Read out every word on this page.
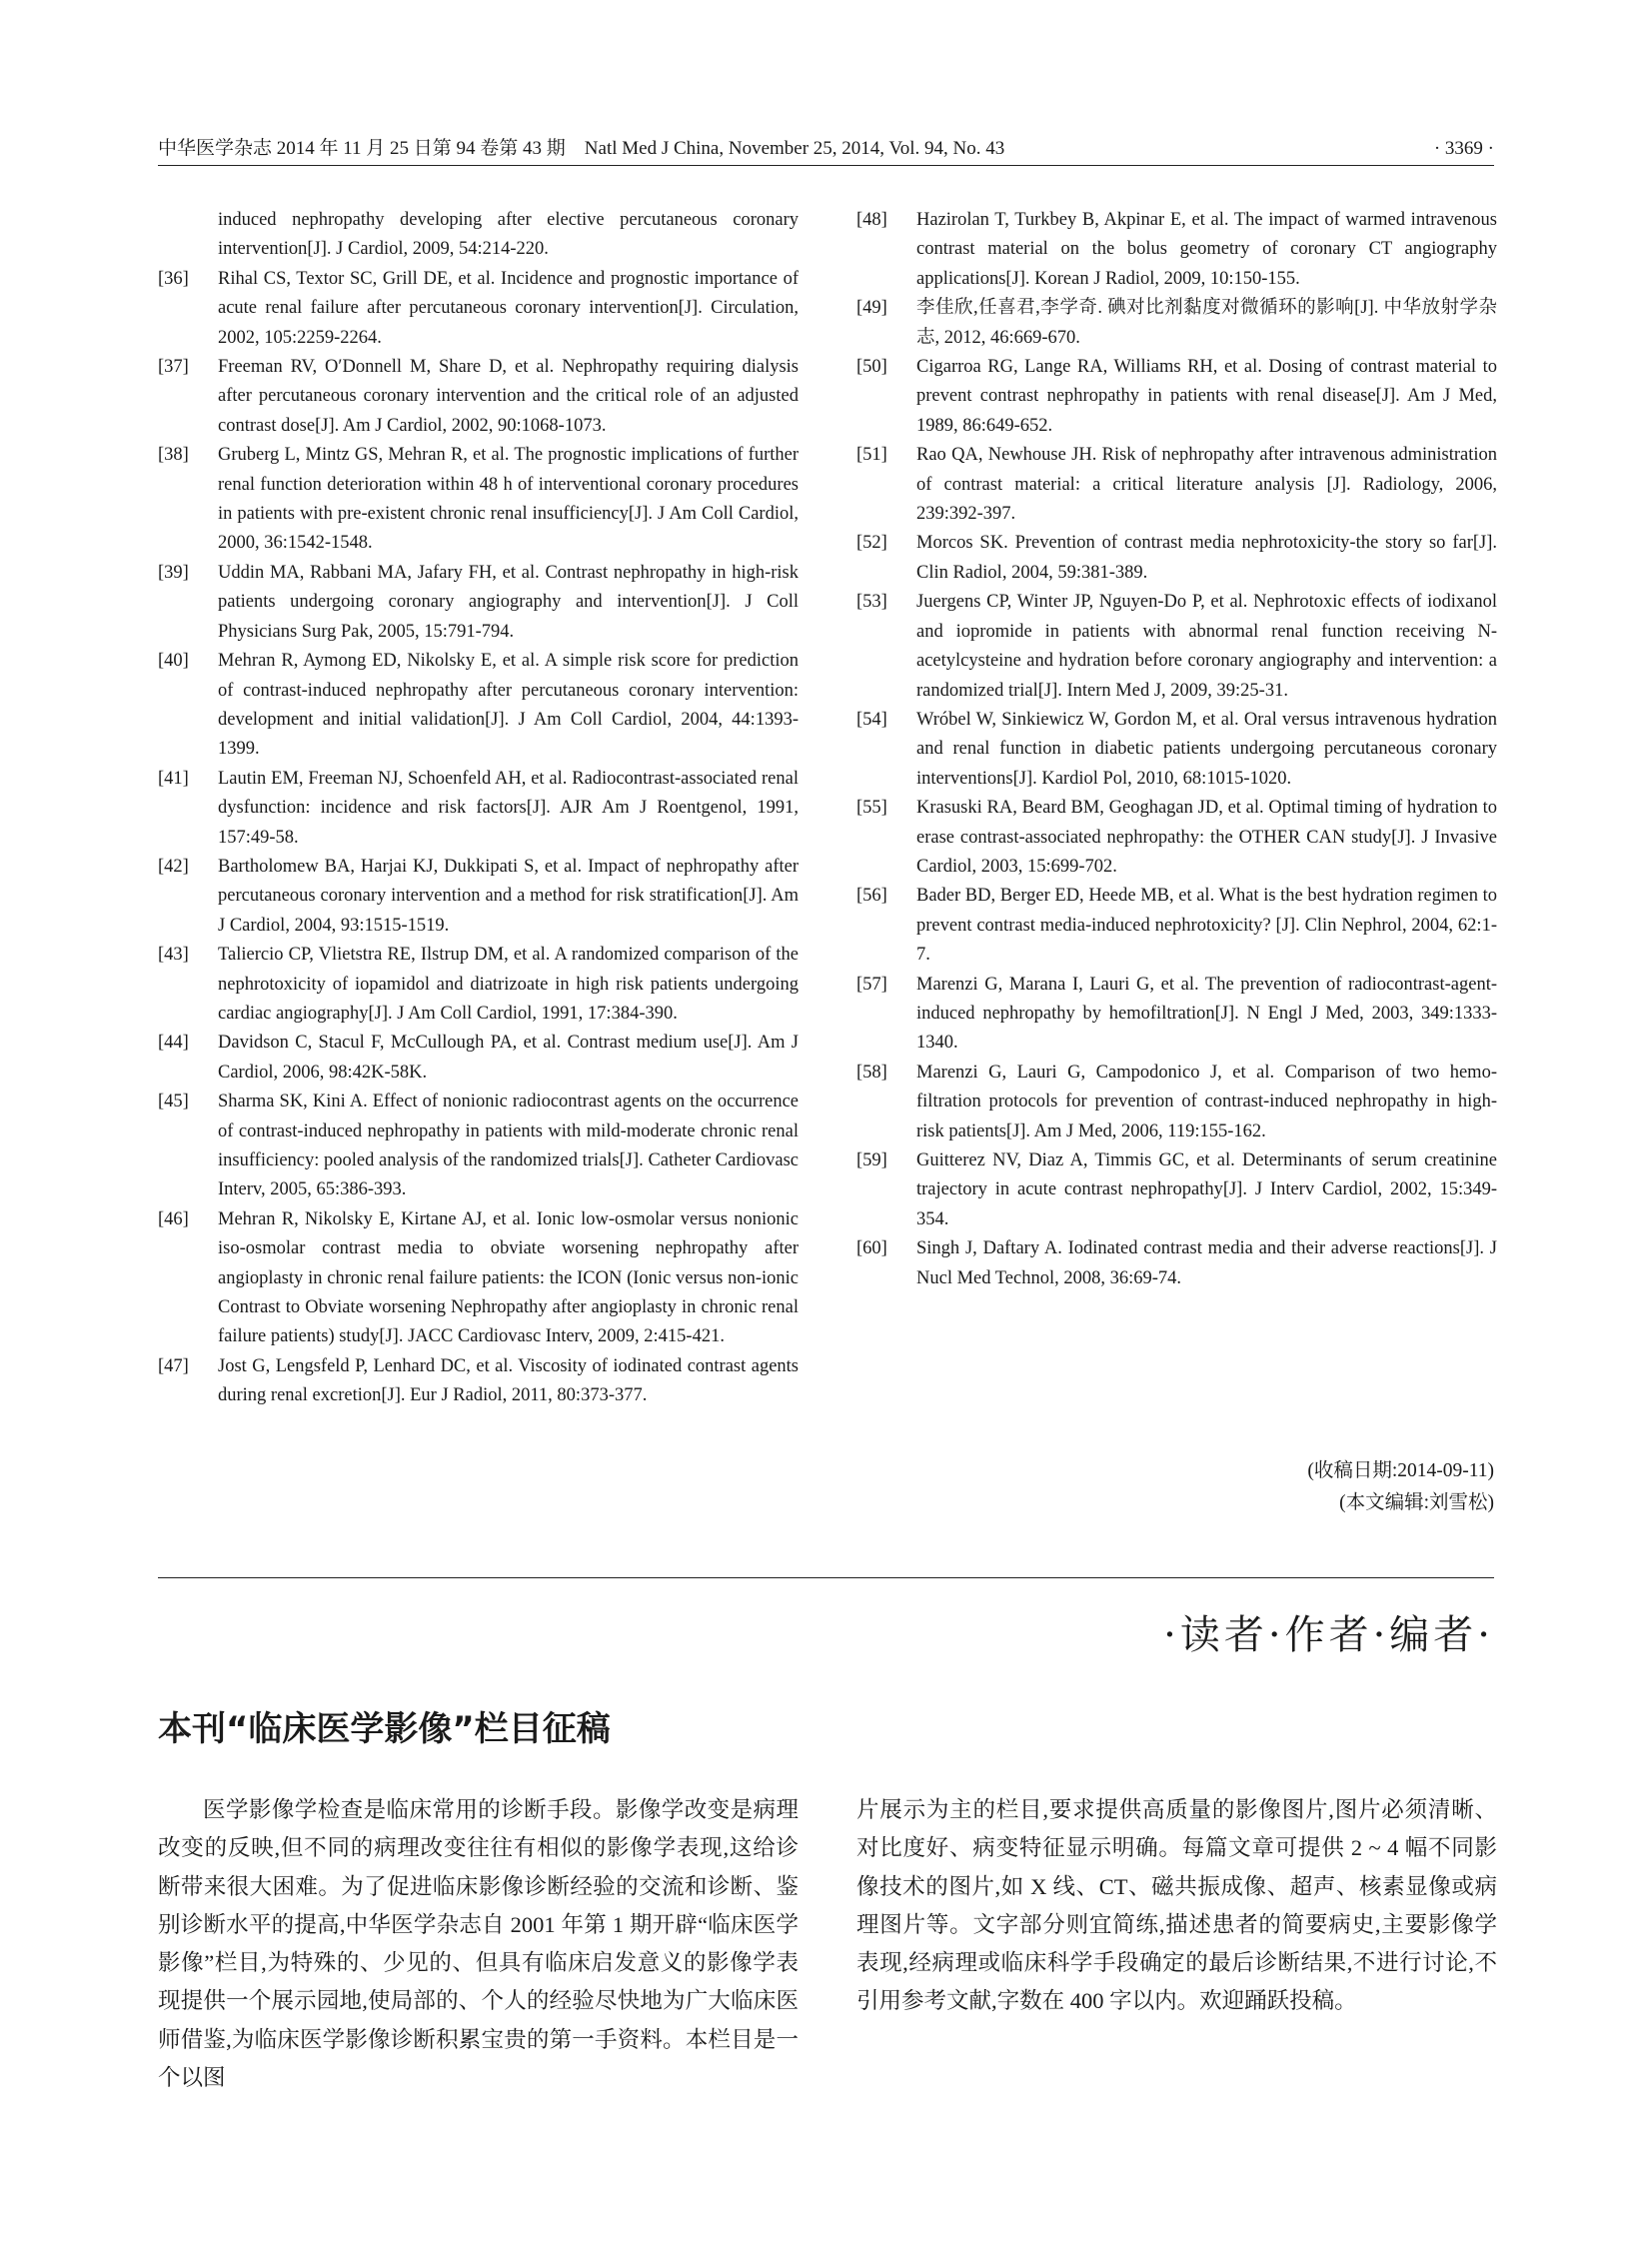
中华医学杂志 2014 年 11 月 25 日第 94 卷第 43 期　Natl Med J China, November 25, 2014, Vol. 94, No. 43	· 3369 ·
induced nephropathy developing after elective percutaneous coronary intervention[J]. J Cardiol, 2009, 54:214-220.
[36] Rihal CS, Textor SC, Grill DE, et al. Incidence and prognostic importance of acute renal failure after percutaneous coronary intervention[J]. Circulation, 2002, 105:2259-2264.
[37] Freeman RV, O′Donnell M, Share D, et al. Nephropathy requiring dialysis after percutaneous coronary intervention and the critical role of an adjusted contrast dose[J]. Am J Cardiol, 2002, 90:1068-1073.
[38] Gruberg L, Mintz GS, Mehran R, et al. The prognostic implications of further renal function deterioration within 48 h of interventional coronary procedures in patients with pre-existent chronic renal insufficiency[J]. J Am Coll Cardiol, 2000, 36:1542-1548.
[39] Uddin MA, Rabbani MA, Jafary FH, et al. Contrast nephropathy in high-risk patients undergoing coronary angiography and intervention[J]. J Coll Physicians Surg Pak, 2005, 15:791-794.
[40] Mehran R, Aymong ED, Nikolsky E, et al. A simple risk score for prediction of contrast-induced nephropathy after percutaneous coronary intervention: development and initial validation[J]. J Am Coll Cardiol, 2004, 44:1393-1399.
[41] Lautin EM, Freeman NJ, Schoenfeld AH, et al. Radiocontrast-associated renal dysfunction: incidence and risk factors[J]. AJR Am J Roentgenol, 1991, 157:49-58.
[42] Bartholomew BA, Harjai KJ, Dukkipati S, et al. Impact of nephropathy after percutaneous coronary intervention and a method for risk stratification[J]. Am J Cardiol, 2004, 93:1515-1519.
[43] Taliercio CP, Vlietstra RE, Ilstrup DM, et al. A randomized comparison of the nephrotoxicity of iopamidol and diatrizoate in high risk patients undergoing cardiac angiography[J]. J Am Coll Cardiol, 1991, 17:384-390.
[44] Davidson C, Stacul F, McCullough PA, et al. Contrast medium use[J]. Am J Cardiol, 2006, 98:42K-58K.
[45] Sharma SK, Kini A. Effect of nonionic radiocontrast agents on the occurrence of contrast-induced nephropathy in patients with mild-moderate chronic renal insufficiency: pooled analysis of the randomized trials[J]. Catheter Cardiovasc Interv, 2005, 65:386-393.
[46] Mehran R, Nikolsky E, Kirtane AJ, et al. Ionic low-osmolar versus nonionic iso-osmolar contrast media to obviate worsening nephropathy after angioplasty in chronic renal failure patients: the ICON (Ionic versus non-ionic Contrast to Obviate worsening Nephropathy after angioplasty in chronic renal failure patients) study[J]. JACC Cardiovasc Interv, 2009, 2:415-421.
[47] Jost G, Lengsfeld P, Lenhard DC, et al. Viscosity of iodinated contrast agents during renal excretion[J]. Eur J Radiol, 2011, 80:373-377.
[48] Hazirolan T, Turkbey B, Akpinar E, et al. The impact of warmed intravenous contrast material on the bolus geometry of coronary CT angiography applications[J]. Korean J Radiol, 2009, 10:150-155.
[49] 李佳欣,任喜君,李学奇. 碘对比剂黏度对微循环的影响[J]. 中华放射学杂志, 2012, 46:669-670.
[50] Cigarroa RG, Lange RA, Williams RH, et al. Dosing of contrast material to prevent contrast nephropathy in patients with renal disease[J]. Am J Med, 1989, 86:649-652.
[51] Rao QA, Newhouse JH. Risk of nephropathy after intravenous administration of contrast material: a critical literature analysis [J]. Radiology, 2006, 239:392-397.
[52] Morcos SK. Prevention of contrast media nephrotoxicity-the story so far[J]. Clin Radiol, 2004, 59:381-389.
[53] Juergens CP, Winter JP, Nguyen-Do P, et al. Nephrotoxic effects of iodixanol and iopromide in patients with abnormal renal function receiving N-acetylcysteine and hydration before coronary angiography and intervention: a randomized trial[J]. Intern Med J, 2009, 39:25-31.
[54] Wróbel W, Sinkiewicz W, Gordon M, et al. Oral versus intravenous hydration and renal function in diabetic patients undergoing percutaneous coronary interventions[J]. Kardiol Pol, 2010, 68:1015-1020.
[55] Krasuski RA, Beard BM, Geoghagan JD, et al. Optimal timing of hydration to erase contrast-associated nephropathy: the OTHER CAN study[J]. J Invasive Cardiol, 2003, 15:699-702.
[56] Bader BD, Berger ED, Heede MB, et al. What is the best hydration regimen to prevent contrast media-induced nephrotoxicity? [J]. Clin Nephrol, 2004, 62:1-7.
[57] Marenzi G, Marana I, Lauri G, et al. The prevention of radiocontrast-agent-induced nephropathy by hemofiltration[J]. N Engl J Med, 2003, 349:1333-1340.
[58] Marenzi G, Lauri G, Campodonico J, et al. Comparison of two hemo-filtration protocols for prevention of contrast-induced nephropathy in high-risk patients[J]. Am J Med, 2006, 119:155-162.
[59] Guitterez NV, Diaz A, Timmis GC, et al. Determinants of serum creatinine trajectory in acute contrast nephropathy[J]. J Interv Cardiol, 2002, 15:349-354.
[60] Singh J, Daftary A. Iodinated contrast media and their adverse reactions[J]. J Nucl Med Technol, 2008, 36:69-74.
(收稿日期:2014-09-11)
(本文编辑:刘雪松)
·读者·作者·编者·
本刊“临床医学影像”栏目征稿

医学影像学检查是临床常用的诊断手段。影像学改变是病理改变的反映,但不同的病理改变往往有相似的影像学表现,这给诊断带来很大困难。为了促进临床影像诊断经验的交流和诊断、鉴别诊断水平的提高,中华医学杂志自 2001 年第 1 期开辟“临床医学影像”栏目,为特殊的、少见的、但具有临床启发意义的影像学表现提供一个展示园地,使局部的、个人的经验尽快地为广大临床医师借鉴,为临床医学影像诊断积累宝贵的第一手资料。本栏目是一个以图

片展示为主的栏目,要求提供高质量的影像图片,图片必须清晰、对比度好、病变特征显示明确。每篇文章可提供 2 ~ 4 幅不同影像技术的图片,如 X 线、CT、磁共振成像、超声、核素显像或病理图片等。文字部分则宜简练,描述患者的简要病史,主要影像学表现,经病理或临床科学手段确定的最后诊断结果,不进行讨论,不引用参考文献,字数在 400 字以内。欢迎踊跃投稿。
